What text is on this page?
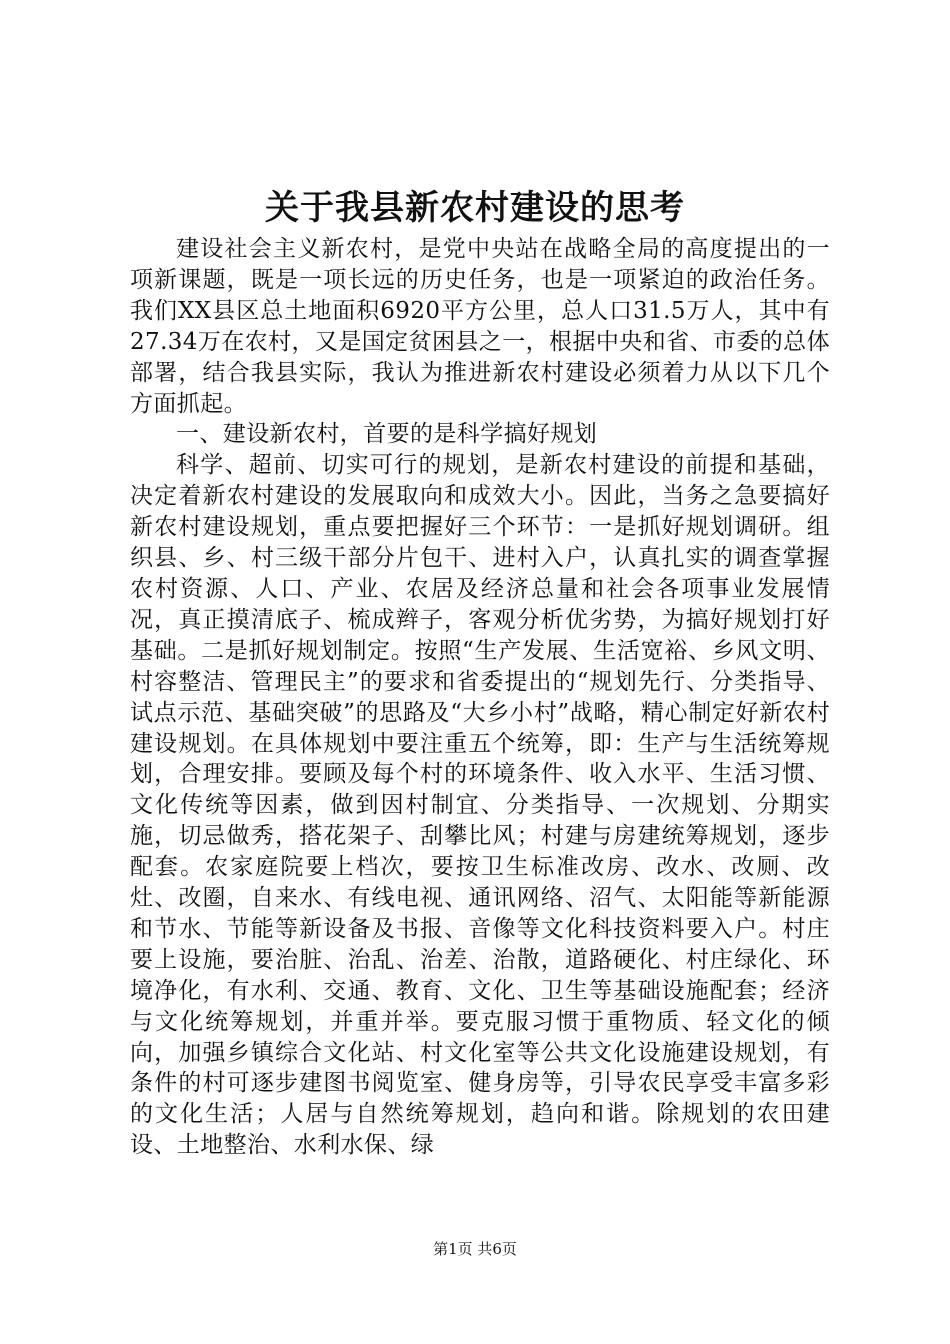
关于我县新农村建设的思考

建设社会主义新农村，是党中央站在战略全局的高度提出的一项新课题，既是一项长远的历史任务，也是一项紧迫的政治任务。我们XX县区总土地面积6920平方公里，总人口31.5万人，其中有27.34万在农村，又是国定贫困县之一，根据中央和省、市委的总体部署，结合我县实际，我认为推进新农村建设必须着力从以下几个方面抓起。

一、建设新农村，首要的是科学搞好规划

科学、超前、切实可行的规划，是新农村建设的前提和基础，决定着新农村建设的发展取向和成效大小。因此，当务之急要搞好新农村建设规划，重点要把握好三个环节：一是抓好规划调研。组织县、乡、村三级干部分片包干、进村入户，认真扎实的调查掌握农村资源、人口、产业、农居及经济总量和社会各项事业发展情况，真正摸清底子、梳成辫子，客观分析优劣势，为搞好规划打好基础。二是抓好规划制定。按照“生产发展、生活宽裕、乡风文明、村容整洁、管理民主”的要求和省委提出的“规划先行、分类指导、试点示范、基础突破”的思路及“大乡小村”战略，精心制定好新农村建设规划。在具体规划中要注重五个统筹，即：生产与生活统筹规划，合理安排。要顾及每个村的环境条件、收入水平、生活习惯、文化传统等因素，做到因村制宜、分类指导、一次规划、分期实施，切忌做秀，搭花架子、刮攀比风；村建与房建统筹规划，逐步配套。农家庭院要上档次，要按卫生标准改房、改水、改厕、改灶、改圈，自来水、有线电视、通讯网络、沼气、太阳能等新能源和节水、节能等新设备及书报、音像等文化科技资料要入户。村庄要上设施，要治脏、治乱、治差、治散，道路硬化、村庄绿化、环境净化，有水利、交通、教育、文化、卫生等基础设施配套；经济与文化统筹规划，并重并举。要克服习惯于重物质、轻文化的倾向，加强乡镇综合文化站、村文化室等公共文化设施建设规划，有条件的村可逐步建图书阅览室、健身房等，引导农民享受丰富多彩的文化生活；人居与自然统筹规划，趋向和谐。除规划的农田建设、土地整治、水利水保、绿

第1页 共6页
